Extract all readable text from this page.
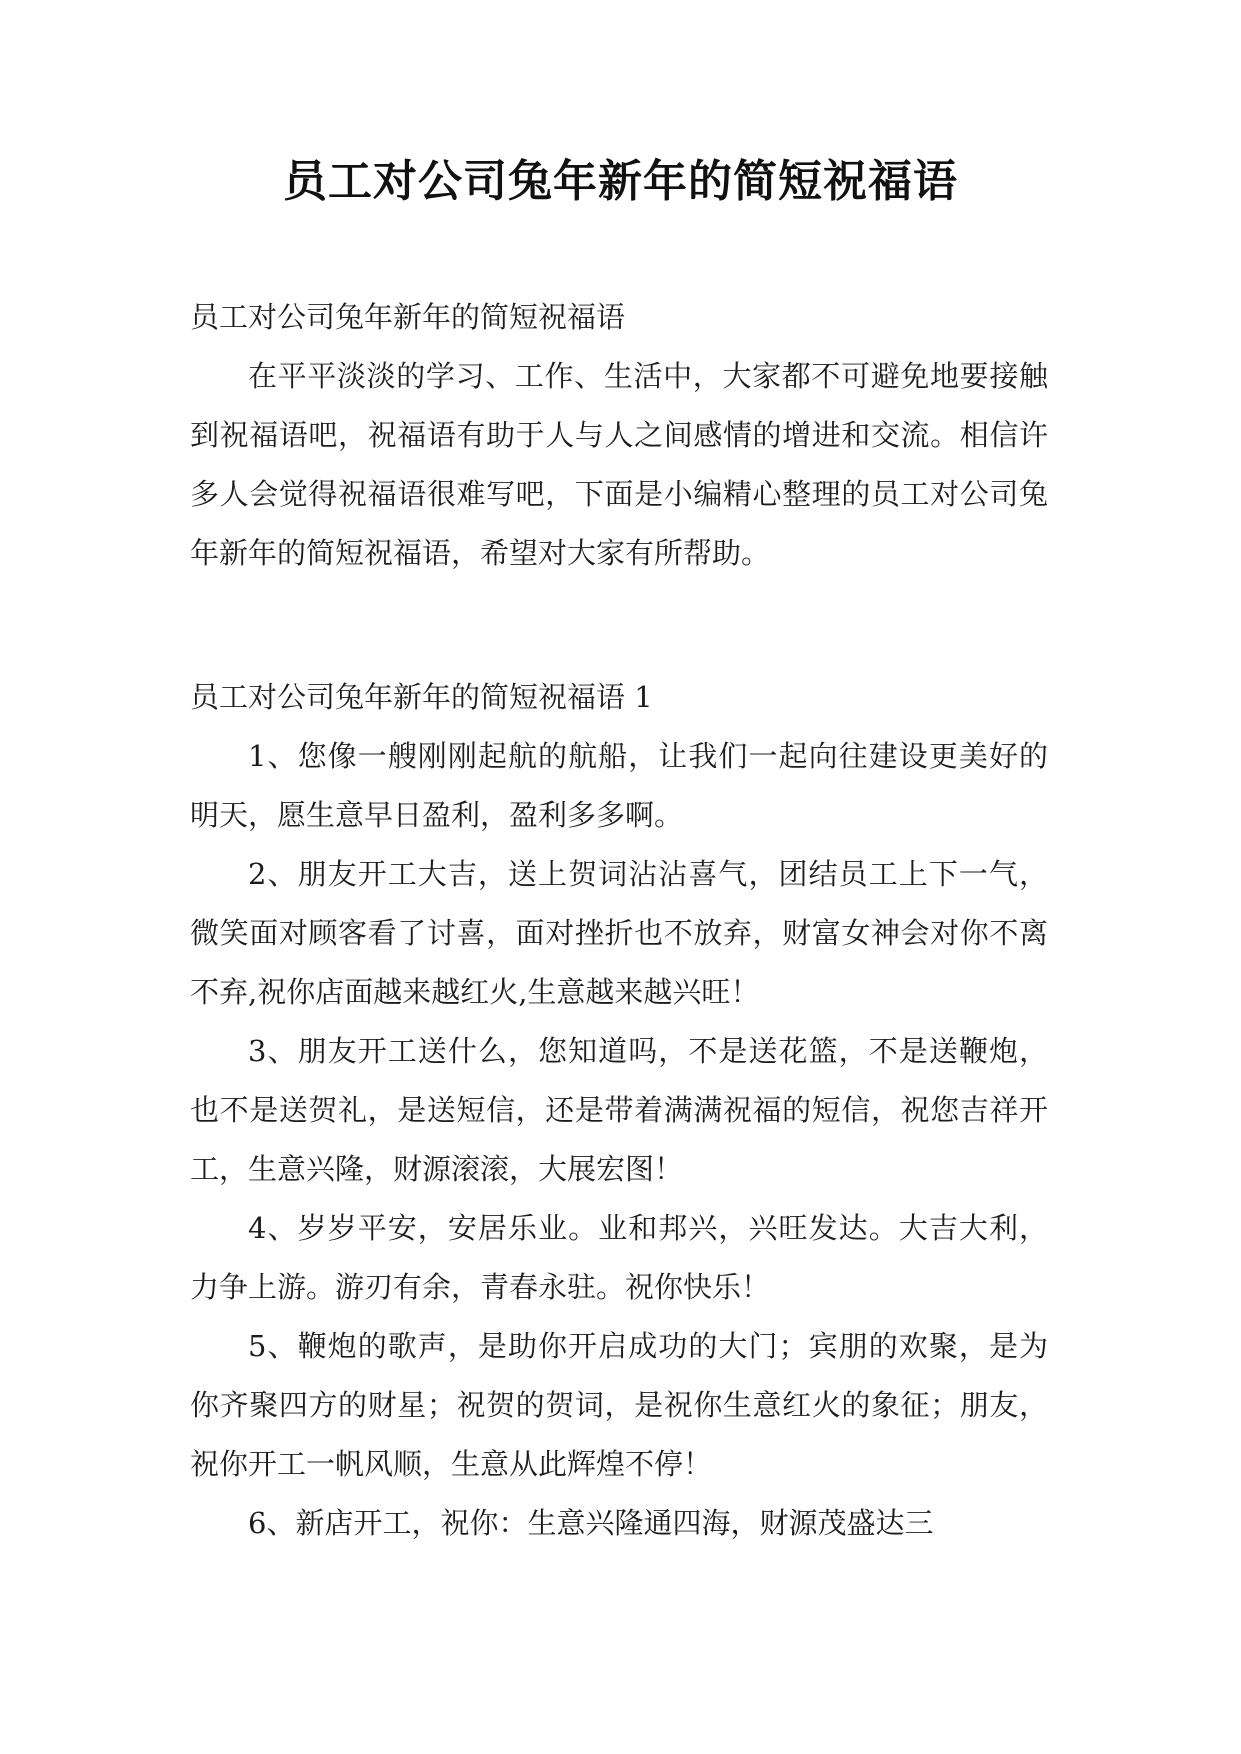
员工对公司兔年新年的简短祝福语

员工对公司兔年新年的简短祝福语

在平平淡淡的学习、工作、生活中，大家都不可避免地要接触到祝福语吧，祝福语有助于人与人之间感情的增进和交流。相信许多人会觉得祝福语很难写吧，下面是小编精心整理的员工对公司兔年新年的简短祝福语，希望对大家有所帮助。

员工对公司兔年新年的简短祝福语 1

1、您像一艘刚刚起航的航船，让我们一起向往建设更美好的明天，愿生意早日盈利，盈利多多啊。

2、朋友开工大吉，送上贺词沾沾喜气，团结员工上下一气，微笑面对顾客看了讨喜，面对挫折也不放弃，财富女神会对你不离不弃,祝你店面越来越红火,生意越来越兴旺！

3、朋友开工送什么，您知道吗，不是送花篮，不是送鞭炮，也不是送贺礼，是送短信，还是带着满满祝福的短信，祝您吉祥开工，生意兴隆，财源滚滚，大展宏图！

4、岁岁平安，安居乐业。业和邦兴，兴旺发达。大吉大利，力争上游。游刃有余，青春永驻。祝你快乐！

5、鞭炮的歌声，是助你开启成功的大门；宾朋的欢聚，是为你齐聚四方的财星；祝贺的贺词，是祝你生意红火的象征；朋友，祝你开工一帆风顺，生意从此辉煌不停！

6、新店开工，祝你：生意兴隆通四海，财源茂盛达三
